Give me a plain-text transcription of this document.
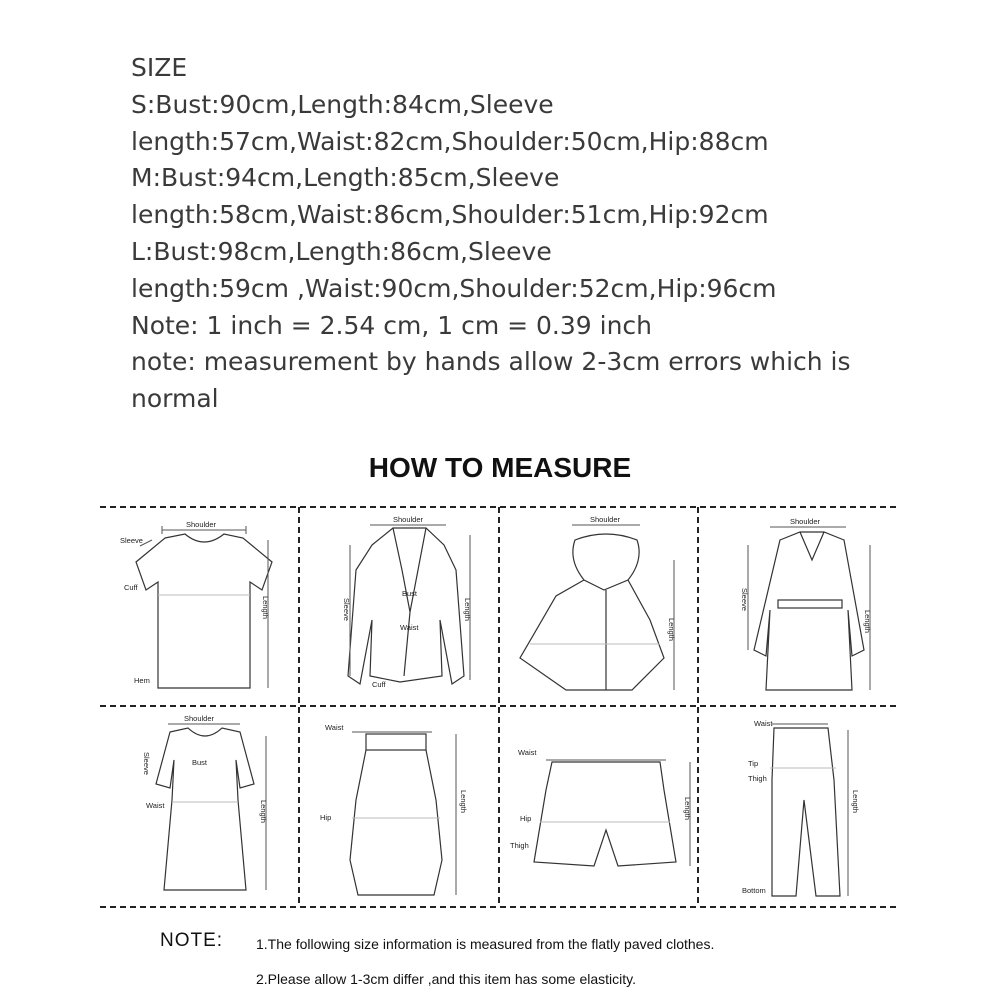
SIZE
S:Bust:90cm,Length:84cm,Sleeve
length:57cm,Waist:82cm,Shoulder:50cm,Hip:88cm
M:Bust:94cm,Length:85cm,Sleeve
length:58cm,Waist:86cm,Shoulder:51cm,Hip:92cm
L:Bust:98cm,Length:86cm,Sleeve
length:59cm ,Waist:90cm,Shoulder:52cm,Hip:96cm
Note: 1 inch = 2.54 cm, 1 cm = 0.39 inch
note: measurement by hands allow 2-3cm errors which is
normal
HOW TO MEASURE
Shoulder
Sleeve
Cuff
Hem
Length
Shoulder
Sleeve	Length
Bust
Waist
Cuff
Shoulder
Length
Shoulder
Sleeve
Length
Shoulder
Bust
Sleeve
Waist	Length
Waist
Hip
Length
Waist
Hip
Thigh
Length
Waist
Tip
Thigh
Bottom
Length
NOTE: 1.The following size information is measured from the flatly paved clothes.
2.Please allow 1-3cm differ ,and this item has some elasticity.
